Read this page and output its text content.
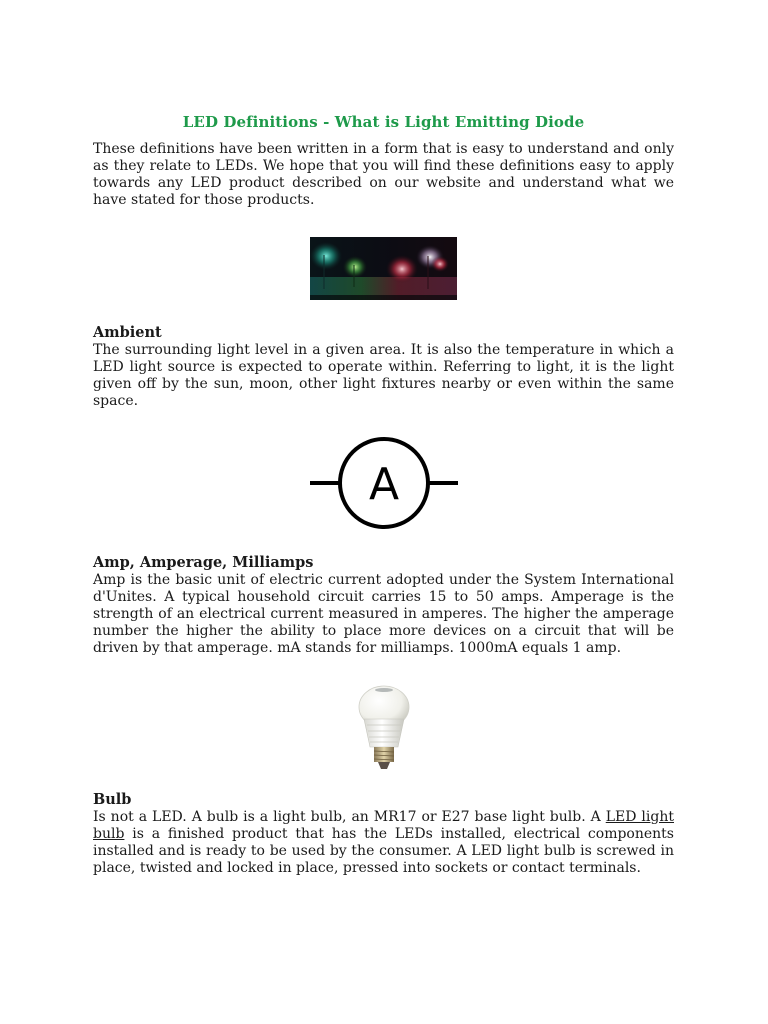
LED Definitions - What is Light Emitting Diode

These definitions have been written in a form that is easy to understand and only as they relate to LEDs. We hope that you will find these definitions easy to apply towards any LED product described on our website and understand what we have stated for those products.

Ambient

The surrounding light level in a given area. It is also the temperature in which a LED light source is expected to operate within. Referring to light, it is the light given off by the sun, moon, other light fixtures nearby or even within the same space.

A
Amp, Amperage, Milliamps

Amp is the basic unit of electric current adopted under the System International d'Unites. A typical household circuit carries 15 to 50 amps. Amperage is the strength of an electrical current measured in amperes. The higher the amperage number the higher the ability to place more devices on a circuit that will be driven by that amperage. mA stands for milliamps. 1000mA equals 1 amp.

Bulb

Is not a LED. A bulb is a light bulb, an MR17 or E27 base light bulb. A LED light bulb is a finished product that has the LEDs installed, electrical components installed and is ready to be used by the consumer. A LED light bulb is screwed in place, twisted and locked in place, pressed into sockets or contact terminals.
